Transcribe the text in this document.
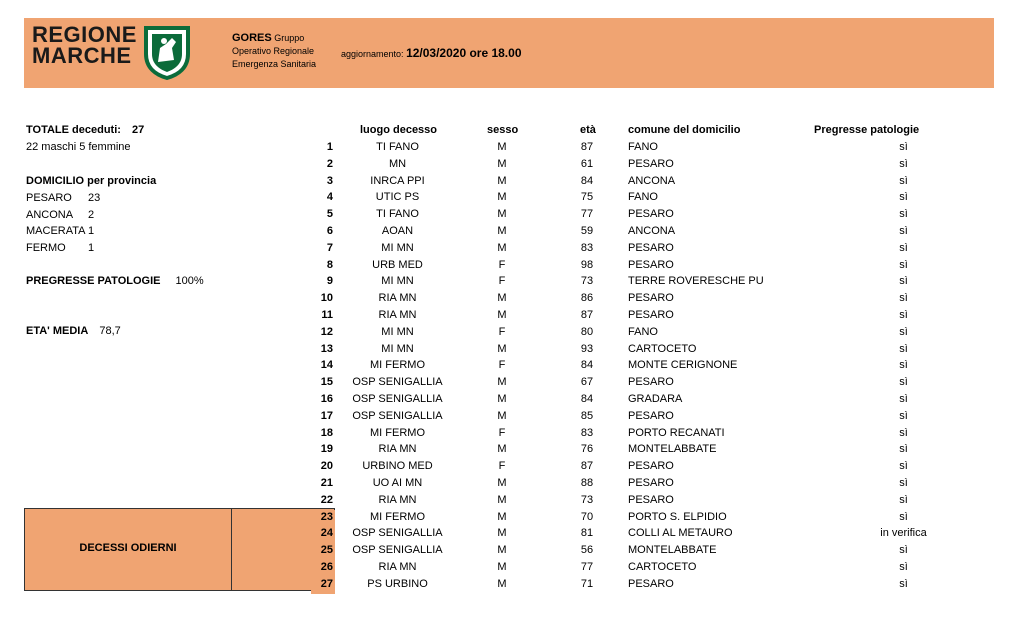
REGIONE
MARCHE
GORES Gruppo
Operativo Regionale
Emergenza Sanitaria
aggiornamento: 12/03/2020 ore 18.00
TOTALE deceduti: 27
22 maschi 5 femmine
DOMICILIO per provincia
PESARO 23
ANCONA 2
MACERATA 1
FERMO 1
PREGRESSE PATOLOGIE 100%
ETA' MEDIA 78,7
DECESSI ODIERNI
luogo decesso	sesso	età	comune del domicilio	Pregresse patologie
1	TI FANO	M	87	FANO	sì
2	MN	M	61	PESARO	sì
3	INRCA PPI	M	84	ANCONA	sì
4	UTIC PS	M	75	FANO	sì
5	TI FANO	M	77	PESARO	sì
6	AOAN	M	59	ANCONA	sì
7	MI MN	M	83	PESARO	sì
8	URB MED	F	98	PESARO	sì
9	MI MN	F	73	TERRE ROVERESCHE PU	sì
10	RIA MN	M	86	PESARO	sì
11	RIA MN	M	87	PESARO	sì
12	MI MN	F	80	FANO	sì
13	MI MN	M	93	CARTOCETO	sì
14	MI FERMO	F	84	MONTE CERIGNONE	sì
15	OSP SENIGALLIA	M	67	PESARO	sì
16	OSP SENIGALLIA	M	84	GRADARA	sì
17	OSP SENIGALLIA	M	85	PESARO	sì
18	MI FERMO	F	83	PORTO RECANATI	sì
19	RIA MN	M	76	MONTELABBATE	sì
20	URBINO MED	F	87	PESARO	sì
21	UO AI MN	M	88	PESARO	sì
22	RIA MN	M	73	PESARO	sì
23	MI FERMO	M	70	PORTO S. ELPIDIO	sì
24	OSP SENIGALLIA	M	81	COLLI AL METAURO	in verifica
25	OSP SENIGALLIA	M	56	MONTELABBATE	sì
26	RIA MN	M	77	CARTOCETO	sì
27	PS URBINO	M	71	PESARO	sì
